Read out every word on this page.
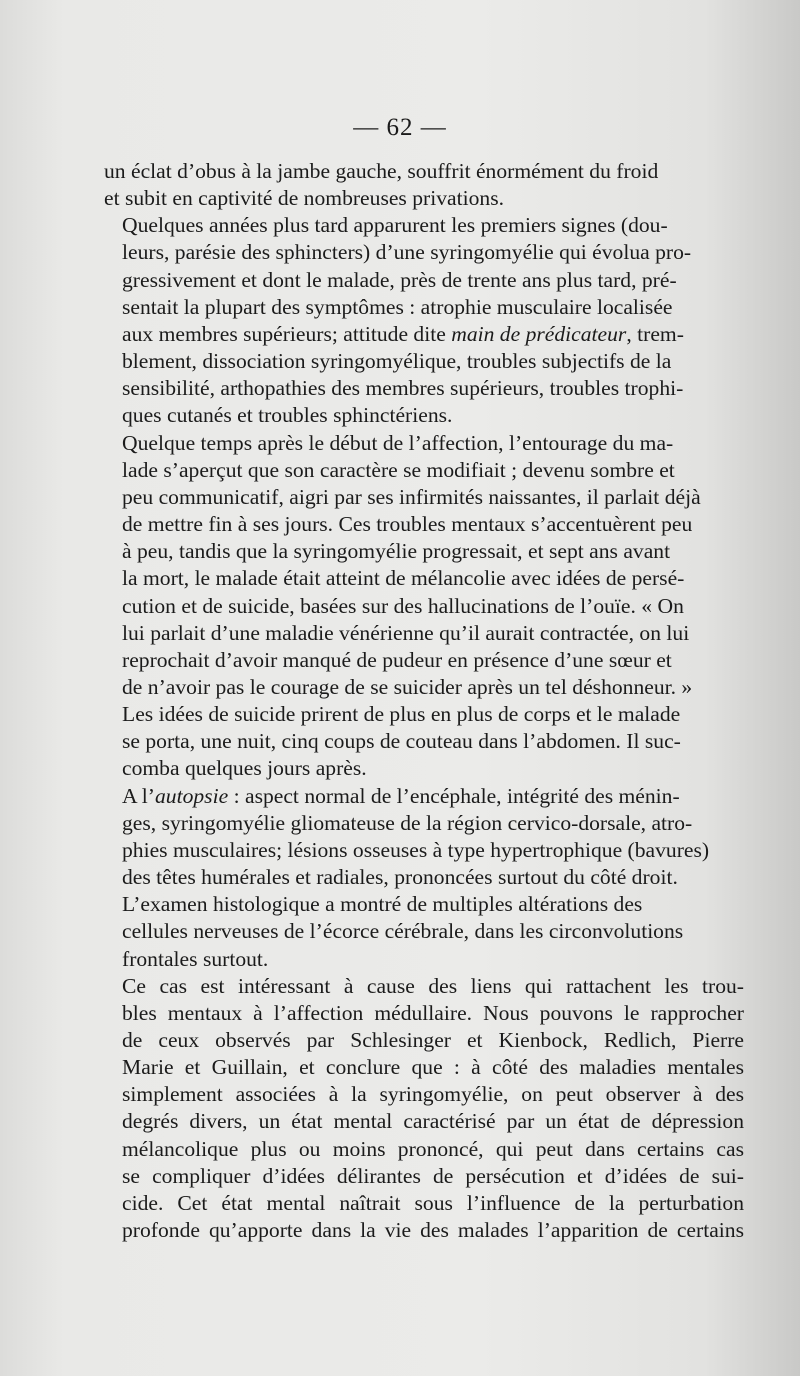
— 62 —

un éclat d’obus à la jambe gauche, souffrit énormément du froid
et subit en captivité de nombreuses privations.

Quelques années plus tard apparurent les premiers signes (dou-
leurs, parésie des sphincters) d’une syringomyélie qui évolua pro-
gressivement et dont le malade, près de trente ans plus tard, pré-
sentait la plupart des symptômes : atrophie musculaire localisée
aux membres supérieurs; attitude dite main de prédicateur, trem-
blement, dissociation syringomyélique, troubles subjectifs de la
sensibilité, arthopathies des membres supérieurs, troubles trophi-
ques cutanés et troubles sphinctériens.

Quelque temps après le début de l’affection, l’entourage du ma-
lade s’aperçut que son caractère se modifiait ; devenu sombre et
peu communicatif, aigri par ses infirmités naissantes, il parlait déjà
de mettre fin à ses jours. Ces troubles mentaux s’accentuèrent peu
à peu, tandis que la syringomyélie progressait, et sept ans avant
la mort, le malade était atteint de mélancolie avec idées de persé-
cution et de suicide, basées sur des hallucinations de l’ouïe. « On
lui parlait d’une maladie vénérienne qu’il aurait contractée, on lui
reprochait d’avoir manqué de pudeur en présence d’une sœur et
de n’avoir pas le courage de se suicider après un tel déshonneur. »
Les idées de suicide prirent de plus en plus de corps et le malade
se porta, une nuit, cinq coups de couteau dans l’abdomen. Il suc-
comba quelques jours après.

A l’autopsie : aspect normal de l’encéphale, intégrité des ménin-
ges, syringomyélie gliomateuse de la région cervico-dorsale, atro-
phies musculaires; lésions osseuses à type hypertrophique (bavures)
des têtes humérales et radiales, prononcées surtout du côté droit.

L’examen histologique a montré de multiples altérations des
cellules nerveuses de l’écorce cérébrale, dans les circonvolutions
frontales surtout.

Ce cas est intéressant à cause des liens qui rattachent les trou-
bles mentaux à l’affection médullaire. Nous pouvons le rapprocher
de ceux observés par Schlesinger et Kienbock, Redlich, Pierre
Marie et Guillain, et conclure que : à côté des maladies mentales
simplement associées à la syringomyélie, on peut observer à des
degrés divers, un état mental caractérisé par un état de dépression
mélancolique plus ou moins prononcé, qui peut dans certains cas
se compliquer d’idées délirantes de persécution et d’idées de sui-
cide. Cet état mental naîtrait sous l’influence de la perturbation
profonde qu’apporte dans la vie des malades l’apparition de certains
